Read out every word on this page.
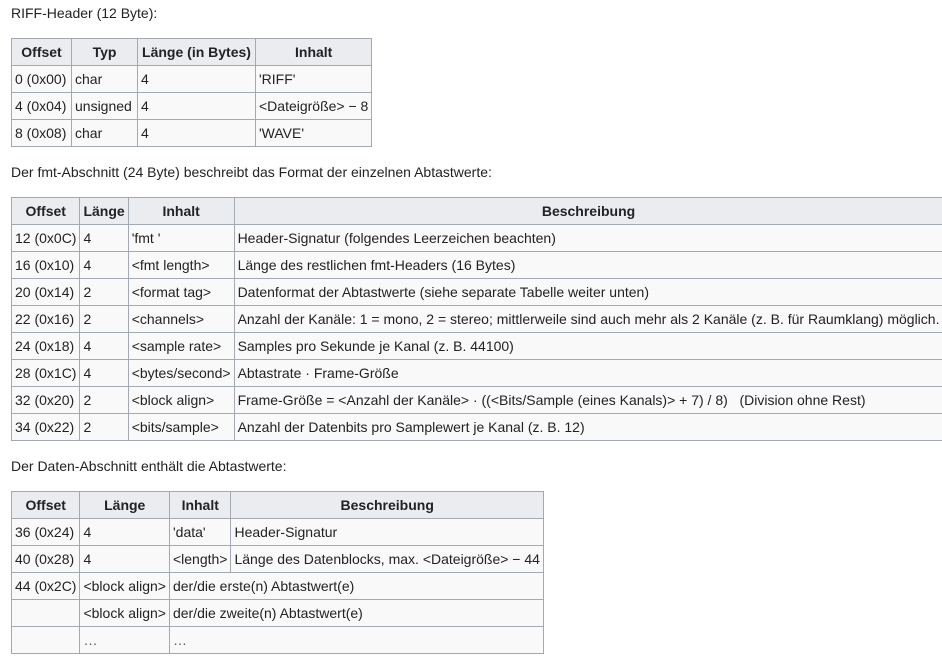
RIFF-Header (12 Byte):

Offset	Typ	Länge (in Bytes)	Inhalt
0 (0x00)	char	4	'RIFF'
4 (0x04)	unsigned	4	<Dateigröße> − 8
8 (0x08)	char	4	'WAVE'

Der fmt-Abschnitt (24 Byte) beschreibt das Format der einzelnen Abtastwerte:

Offset	Länge	Inhalt	Beschreibung
12 (0x0C)	4	'fmt '	Header-Signatur (folgendes Leerzeichen beachten)
16 (0x10)	4	<fmt length>	Länge des restlichen fmt-Headers (16 Bytes)
20 (0x14)	2	<format tag>	Datenformat der Abtastwerte (siehe separate Tabelle weiter unten)
22 (0x16)	2	<channels>	Anzahl der Kanäle: 1 = mono, 2 = stereo; mittlerweile sind auch mehr als 2 Kanäle (z. B. für Raumklang) möglich.
24 (0x18)	4	<sample rate>	Samples pro Sekunde je Kanal (z. B. 44100)
28 (0x1C)	4	<bytes/second>	Abtastrate · Frame-Größe
32 (0x20)	2	<block align>	Frame-Größe = <Anzahl der Kanäle> · ((<Bits/Sample (eines Kanals)> + 7) / 8)   (Division ohne Rest)
34 (0x22)	2	<bits/sample>	Anzahl der Datenbits pro Samplewert je Kanal (z. B. 12)

Der Daten-Abschnitt enthält die Abtastwerte:

Offset	Länge	Inhalt	Beschreibung
36 (0x24)	4	'data'	Header-Signatur
40 (0x28)	4	<length>	Länge des Datenblocks, max. <Dateigröße> − 44
44 (0x2C)	<block align>	der/die erste(n) Abtastwert(e)	
	<block align>	der/die zweite(n) Abtastwert(e)	
	…	…	
